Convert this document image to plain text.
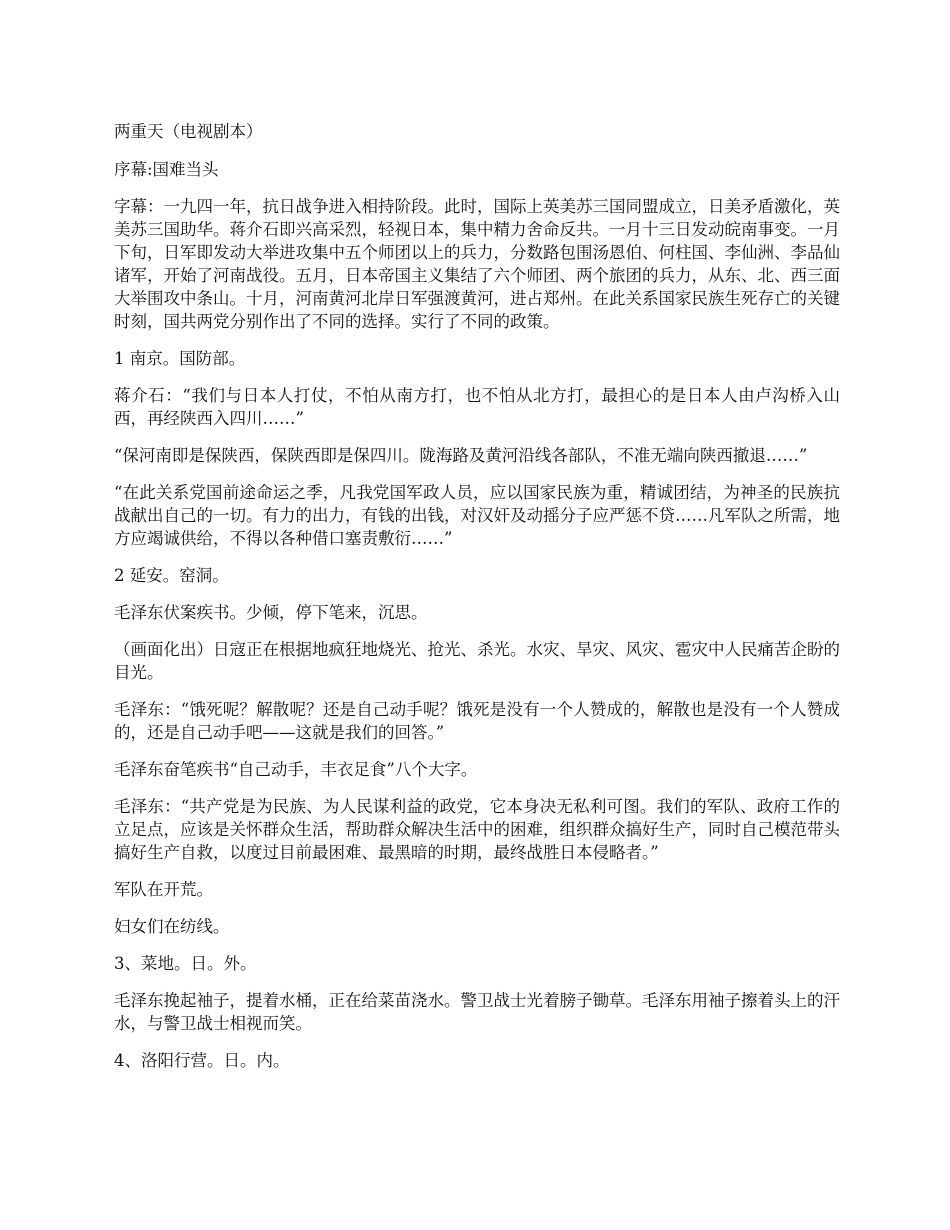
两重天（电视剧本）

序幕:国难当头

字幕：一九四一年，抗日战争进入相持阶段。此时，国际上英美苏三国同盟成立，日美矛盾激化，英美苏三国助华。蒋介石即兴高采烈，轻视日本，集中精力舍命反共。一月十三日发动皖南事变。一月下旬，日军即发动大举进攻集中五个师团以上的兵力，分数路包围汤恩伯、何柱国、李仙洲、李品仙诸军，开始了河南战役。五月，日本帝国主义集结了六个师团、两个旅团的兵力，从东、北、西三面大举围攻中条山。十月，河南黄河北岸日军强渡黄河，进占郑州。在此关系国家民族生死存亡的关键时刻，国共两党分别作出了不同的选择。实行了不同的政策。

1 南京。国防部。

蒋介石：“我们与日本人打仗，不怕从南方打，也不怕从北方打，最担心的是日本人由卢沟桥入山西，再经陕西入四川……”

“保河南即是保陕西，保陕西即是保四川。陇海路及黄河沿线各部队，不准无端向陕西撤退……”

“在此关系党国前途命运之季，凡我党国军政人员，应以国家民族为重，精诚团结，为神圣的民族抗战献出自己的一切。有力的出力，有钱的出钱，对汉奸及动摇分子应严惩不贷……凡军队之所需，地方应竭诚供给，不得以各种借口塞责敷衍……”

2 延安。窑洞。

毛泽东伏案疾书。少倾，停下笔来，沉思。

（画面化出）日寇正在根据地疯狂地烧光、抢光、杀光。水灾、旱灾、风灾、雹灾中人民痛苦企盼的目光。

毛泽东：“饿死呢？解散呢？还是自己动手呢？饿死是没有一个人赞成的，解散也是没有一个人赞成的，还是自己动手吧——这就是我们的回答。”

毛泽东奋笔疾书“自己动手，丰衣足食”八个大字。

毛泽东：“共产党是为民族、为人民谋利益的政党，它本身决无私利可图。我们的军队、政府工作的立足点，应该是关怀群众生活，帮助群众解决生活中的困难，组织群众搞好生产，同时自己模范带头搞好生产自救，以度过目前最困难、最黑暗的时期，最终战胜日本侵略者。”

军队在开荒。

妇女们在纺线。

3、菜地。日。外。

毛泽东挽起袖子，提着水桶，正在给菜苗浇水。警卫战士光着膀子锄草。毛泽东用袖子擦着头上的汗水，与警卫战士相视而笑。

4、洛阳行营。日。内。
